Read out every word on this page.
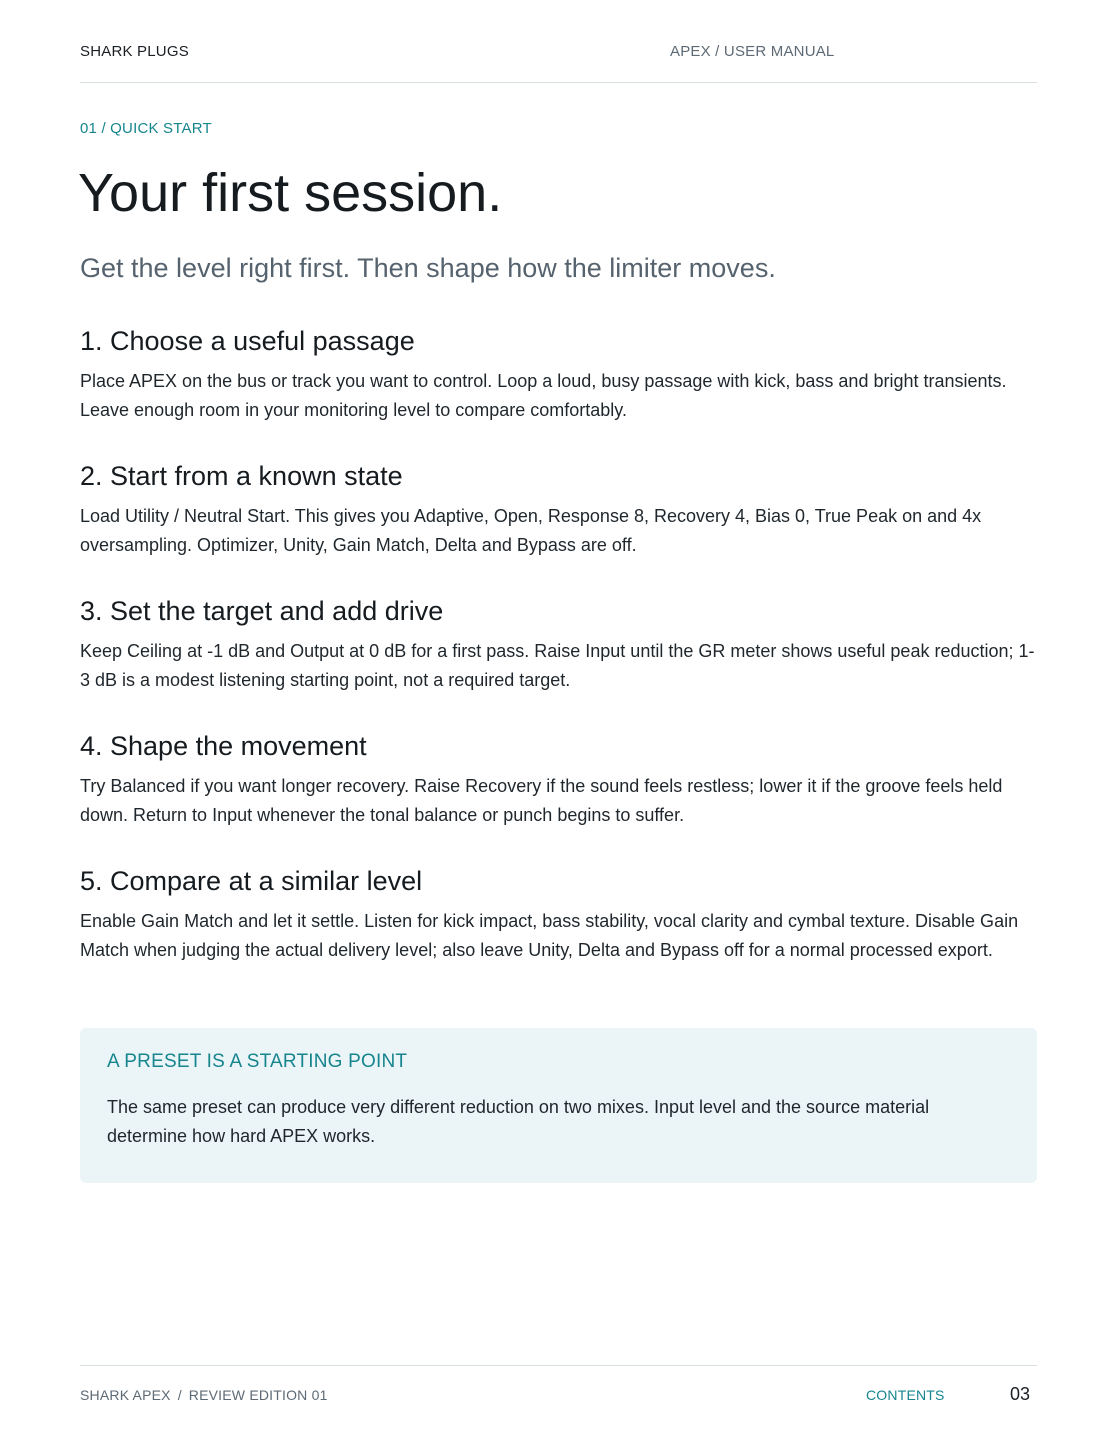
SHARK PLUGS	APEX / USER MANUAL
01 / QUICK START
Your first session.

Get the level right first. Then shape how the limiter moves.

1. Choose a useful passage

Place APEX on the bus or track you want to control. Loop a loud, busy passage with kick, bass and bright transients. Leave enough room in your monitoring level to compare comfortably.

2. Start from a known state

Load Utility / Neutral Start. This gives you Adaptive, Open, Response 8, Recovery 4, Bias 0, True Peak on and 4x oversampling. Optimizer, Unity, Gain Match, Delta and Bypass are off.

3. Set the target and add drive

Keep Ceiling at -1 dB and Output at 0 dB for a first pass. Raise Input until the GR meter shows useful peak reduction; 1-3 dB is a modest listening starting point, not a required target.

4. Shape the movement

Try Balanced if you want longer recovery. Raise Recovery if the sound feels restless; lower it if the groove feels held down. Return to Input whenever the tonal balance or punch begins to suffer.

5. Compare at a similar level

Enable Gain Match and let it settle. Listen for kick impact, bass stability, vocal clarity and cymbal texture. Disable Gain Match when judging the actual delivery level; also leave Unity, Delta and Bypass off for a normal processed export.

A PRESET IS A STARTING POINT

The same preset can produce very different reduction on two mixes. Input level and the source material determine how hard APEX works.

SHARK APEX / REVIEW EDITION 01	CONTENTS	03
